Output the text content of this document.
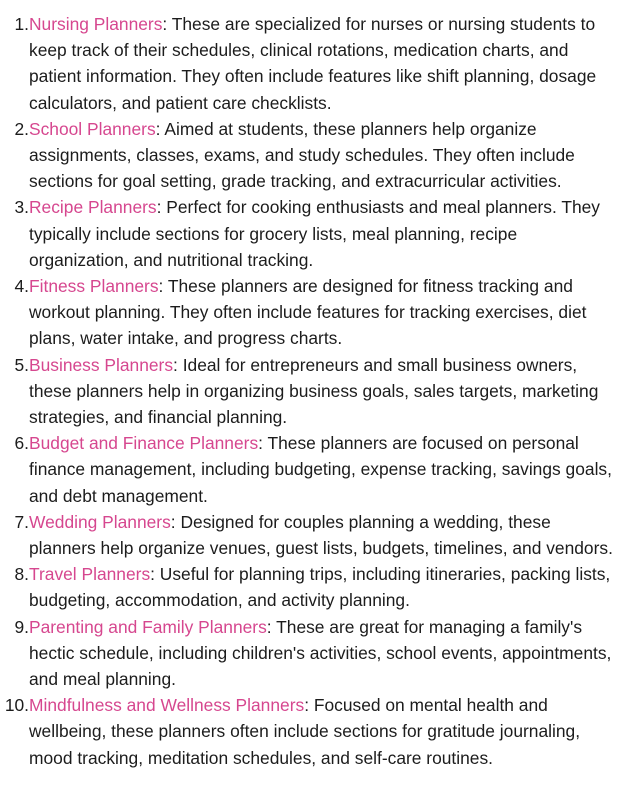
1. Nursing Planners: These are specialized for nurses or nursing students to
keep track of their schedules, clinical rotations, medication charts, and
patient information. They often include features like shift planning, dosage
calculators, and patient care checklists.
2. School Planners: Aimed at students, these planners help organize
assignments, classes, exams, and study schedules. They often include
sections for goal setting, grade tracking, and extracurricular activities.
3. Recipe Planners: Perfect for cooking enthusiasts and meal planners. They
typically include sections for grocery lists, meal planning, recipe
organization, and nutritional tracking.
4. Fitness Planners: These planners are designed for fitness tracking and
workout planning. They often include features for tracking exercises, diet
plans, water intake, and progress charts.
5. Business Planners: Ideal for entrepreneurs and small business owners,
these planners help in organizing business goals, sales targets, marketing
strategies, and financial planning.
6. Budget and Finance Planners: These planners are focused on personal
finance management, including budgeting, expense tracking, savings goals,
and debt management.
7. Wedding Planners: Designed for couples planning a wedding, these
planners help organize venues, guest lists, budgets, timelines, and vendors.
8. Travel Planners: Useful for planning trips, including itineraries, packing lists,
budgeting, accommodation, and activity planning.
9. Parenting and Family Planners: These are great for managing a family's
hectic schedule, including children's activities, school events, appointments,
and meal planning.
10. Mindfulness and Wellness Planners: Focused on mental health and
wellbeing, these planners often include sections for gratitude journaling,
mood tracking, meditation schedules, and self-care routines.
